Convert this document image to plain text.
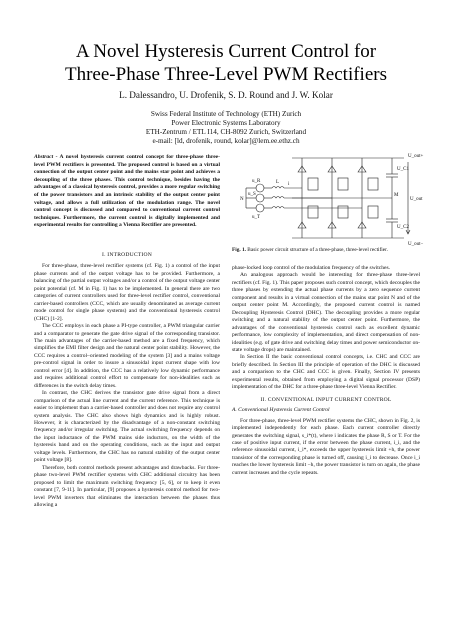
A Novel Hysteresis Current Control for
Three-Phase Three-Level PWM Rectifiers
L. Dalessandro, U. Drofenik, S. D. Round and J. W. Kolar
Swiss Federal Institute of Technology (ETH) Zurich
Power Electronic Systems Laboratory
ETH-Zentrum / ETL I14, CH-8092 Zurich, Switzerland
e-mail: [ld, drofenik, round, kolar]@lem.ee.ethz.ch
Abstract - A novel hysteresis current control concept for three-phase three-level PWM rectifiers is presented. The proposed control is based on a virtual connection of the output center point and the mains star point and achieves a decoupling of the three phases. This control technique, besides having the advantages of a classical hysteresis control, provides a more regular switching of the power transistors and an intrinsic stability of the output center point voltage, and allows a full utilization of the modulation range. The novel control concept is discussed and compared to conventional current control techniques. Furthermore, the current control is digitally implemented and experimental results for controlling a Vienna Rectifier are presented.
I. INTRODUCTION

For three-phase, three-level rectifier systems (cf. Fig. 1) a control of the input phase currents and of the output voltage has to be provided. Furthermore, a balancing of the partial output voltages and/or a control of the output voltage center point potential (cf. M in Fig. 1) has to be implemented. In general there are two categories of current controllers used for three-level rectifier control, conventional carrier-based controllers (CCC, which are usually denominated as average current mode control for single phase systems) and the conventional hysteresis control (CHC) [1-2].

The CCC employs in each phase a PI-type controller, a PWM triangular carrier and a comparator to generate the gate drive signal of the corresponding transistor. The main advantages of the carrier-based method are a fixed frequency, which simplifies the EMI filter design and the natural center point stability. However, the CCC requires a control–oriented modeling of the system [3] and a mains voltage pre-control signal in order to insure a sinusoidal input current shape with low control error [4]. In addition, the CCC has a relatively low dynamic performance and requires additional control effort to compensate for non-idealities such as differences in the switch delay times.

In contrast, the CHC derives the transistor gate drive signal from a direct comparison of the actual line current and the current reference. This technique is easier to implement than a carrier-based controller and does not require any control system analysis. The CHC also shows high dynamics and is highly robust. However, it is characterized by the disadvantage of a non-constant switching frequency and/or irregular switching. The actual switching frequency depends on the input inductance of the PWM mains side inductors, on the width of the hysteresis band and on the operating conditions, such as the input and output voltage levels. Furthermore, the CHC has no natural stability of the output center point voltage [8].

Therefore, both control methods present advantages and drawbacks. For three-phase two-level PWM rectifier systems with CHC additional circuitry has been proposed to limit the maximum switching frequency [5, 6], or to keep it even constant [7, 9-11]. In particular, [9] proposes a hysteresis control method for two-level PWM inverters that eliminates the interaction between the phases thus allowing a

U_out+
U_out−
U_out
U_C1
U_C2
M
N
i
L
u_R
u_S
u_T
Fig. 1. Basic power circuit structure of a three-phase, three-level rectifier.

phase-locked loop control of the modulation frequency of the switches.

An analogous approach would be interesting for three-phase three-level rectifiers (cf. Fig. 1). This paper proposes such control concept, which decouples the three phases by extending the actual phase currents by a zero sequence current component and results in a virtual connection of the mains star point N and of the output center point M. Accordingly, the proposed current control is named Decoupling Hysteresis Control (DHC). The decoupling provides a more regular switching and a natural stability of the output center point. Furthermore, the advantages of the conventional hysteresis control such as excellent dynamic performance, low complexity of implementation, and direct compensation of non-idealities (e.g. of gate drive and switching delay times and power semiconductor on-state voltage drops) are maintained.

In Section II the basic conventional control concepts, i.e. CHC and CCC are briefly described. In Section III the principle of operation of the DHC is discussed and a comparison to the CHC and CCC is given. Finally, Section IV presents experimental results, obtained from employing a digital signal processor (DSP) implementation of the DHC for a three-phase three-level Vienna Rectifier.

II. CONVENTIONAL INPUT CURRENT CONTROL
A. Conventional Hysteresis Current Control

For three-phase, three-level PWM rectifier systems the CHC, shown in Fig. 2, is implemented independently for each phase. Each current controller directly generates the switching signal, s_i*(t), where i indicates the phase R, S or T. For the case of positive input current, if the error between the phase current, i_i, and the reference sinusoidal current, i_i*, exceeds the upper hysteresis limit +h, the power transistor of the corresponding phase is turned off, causing i_i to decrease. Once i_i reaches the lower hysteresis limit −h, the power transistor is turn on again, the phase current increases and the cycle repeats.
